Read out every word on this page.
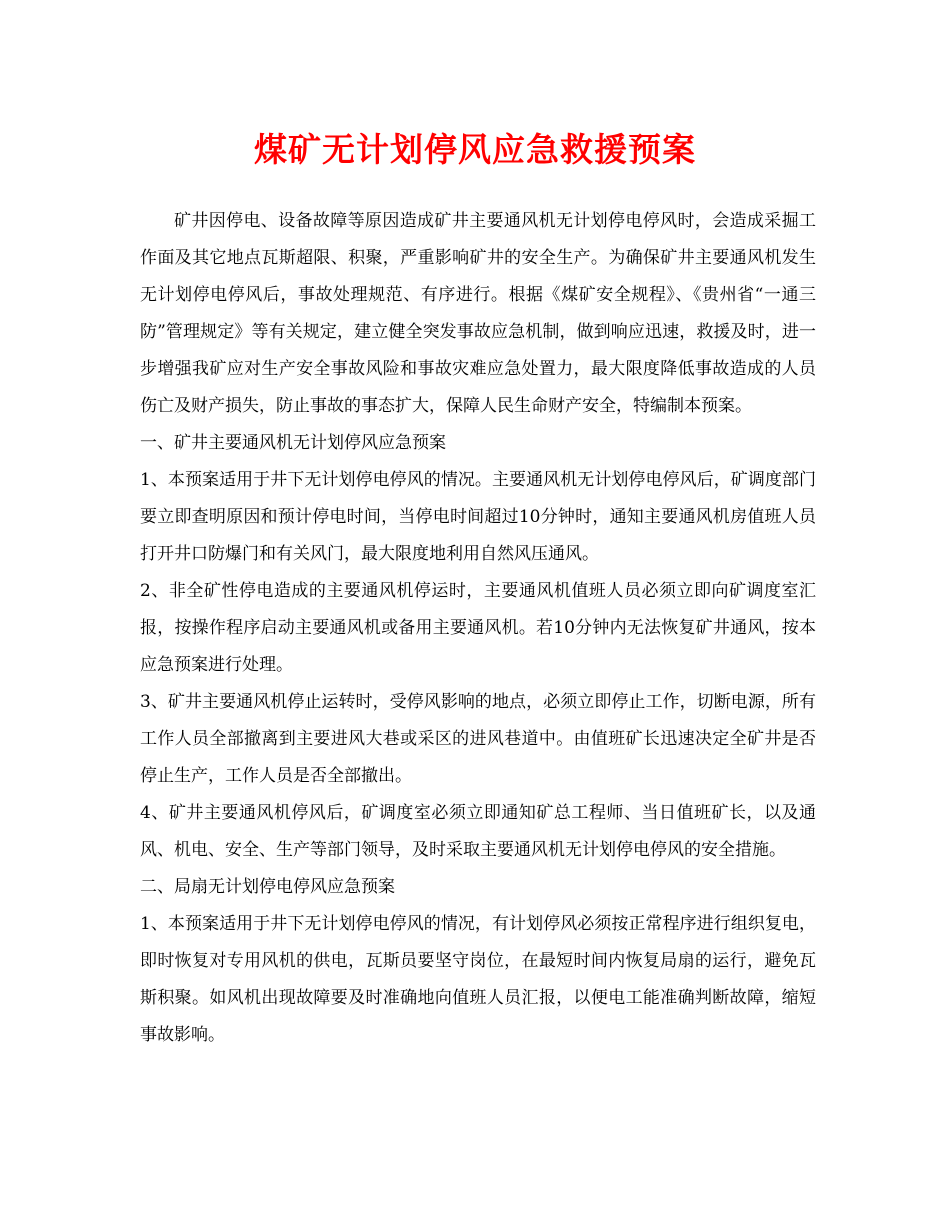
煤矿无计划停风应急救援预案

矿井因停电、设备故障等原因造成矿井主要通风机无计划停电停风时，会造成采掘工作面及其它地点瓦斯超限、积聚，严重影响矿井的安全生产。为确保矿井主要通风机发生无计划停电停风后，事故处理规范、有序进行。根据《煤矿安全规程》、《贵州省“一通三防”管理规定》等有关规定，建立健全突发事故应急机制，做到响应迅速，救援及时，进一步增强我矿应对生产安全事故风险和事故灾难应急处置力，最大限度降低事故造成的人员伤亡及财产损失，防止事故的事态扩大，保障人民生命财产安全，特编制本预案。

一、矿井主要通风机无计划停风应急预案

1、本预案适用于井下无计划停电停风的情况。主要通风机无计划停电停风后，矿调度部门要立即查明原因和预计停电时间，当停电时间超过10分钟时，通知主要通风机房值班人员打开井口防爆门和有关风门，最大限度地利用自然风压通风。

2、非全矿性停电造成的主要通风机停运时，主要通风机值班人员必须立即向矿调度室汇报，按操作程序启动主要通风机或备用主要通风机。若10分钟内无法恢复矿井通风，按本应急预案进行处理。

3、矿井主要通风机停止运转时，受停风影响的地点，必须立即停止工作，切断电源，所有工作人员全部撤离到主要进风大巷或采区的进风巷道中。由值班矿长迅速决定全矿井是否停止生产，工作人员是否全部撤出。

4、矿井主要通风机停风后，矿调度室必须立即通知矿总工程师、当日值班矿长，以及通风、机电、安全、生产等部门领导，及时采取主要通风机无计划停电停风的安全措施。

二、局扇无计划停电停风应急预案

1、本预案适用于井下无计划停电停风的情况，有计划停风必须按正常程序进行组织复电，即时恢复对专用风机的供电，瓦斯员要坚守岗位，在最短时间内恢复局扇的运行，避免瓦斯积聚。如风机出现故障要及时准确地向值班人员汇报，以便电工能准确判断故障，缩短事故影响。
